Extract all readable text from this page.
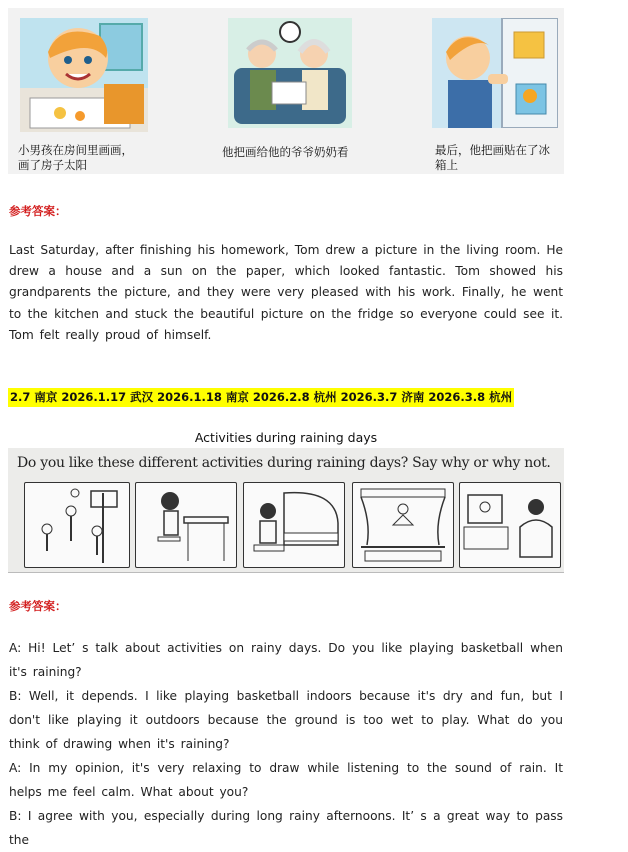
小男孩在房间里画画，画了房子太阳
他把画给他的爷爷奶奶看	最后，他把画贴在了冰箱上
参考答案：

Last Saturday, after finishing his homework, Tom drew a picture in the living room. He drew a house and a sun on the paper, which looked fantastic. Tom showed his grandparents the picture, and they were very pleased with his work. Finally, he went to the kitchen and stuck the beautiful picture on the fridge so everyone could see it. Tom felt really proud of himself.

2.7 南京 2026.1.17 武汉 2026.1.18 南京 2026.2.8 杭州 2026.3.7 济南 2026.3.8 杭州
Activities during raining days
Do you like these different activities during raining days? Say why or why not.
参考答案：

A: Hi! Let’ s talk about activities on rainy days. Do you like playing basketball when it's raining?

B: Well, it depends. I like playing basketball indoors because it's dry and fun, but I don't like playing it outdoors because the ground is too wet to play. What do you think of drawing when it's raining?

A: In my opinion, it's very relaxing to draw while listening to the sound of rain. It helps me feel calm. What about you?

B: I agree with you, especially during long rainy afternoons. It’ s a great way to pass the
